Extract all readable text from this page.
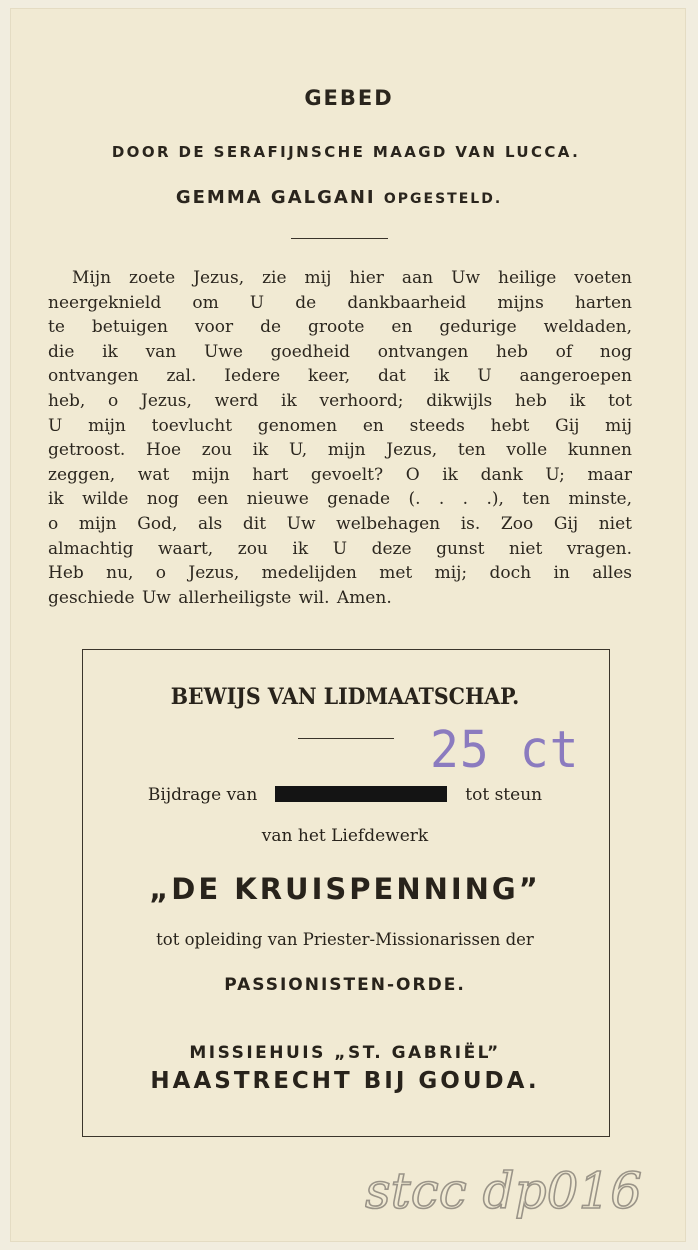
GEBED
DOOR DE SERAFIJNSCHE MAAGD VAN LUCCA.
GEMMA GALGANI OPGESTELD.
Mijn zoete Jezus, zie mij hier aan Uw heilige voeten
neergeknield om U de dankbaarheid mijns harten
te betuigen voor de groote en gedurige weldaden,
die ik van Uwe goedheid ontvangen heb of nog
ontvangen zal. Iedere keer, dat ik U aangeroepen
heb, o Jezus, werd ik verhoord; dikwijls heb ik tot
U mijn toevlucht genomen en steeds hebt Gij mij
getroost. Hoe zou ik U, mijn Jezus, ten volle kunnen
zeggen, wat mijn hart gevoelt? O ik dank U; maar
ik wilde nog een nieuwe genade (. . . .), ten minste,
o mijn God, als dit Uw welbehagen is. Zoo Gij niet
almachtig waart, zou ik U deze gunst niet vragen.
Heb nu, o Jezus, medelijden met mij; doch in alles
geschiede Uw allerheiligste wil. Amen.
BEWIJS VAN LIDMAATSCHAP.
25 ct
Bijdrage van	tot steun
van het Liefdewerk
„DE KRUISPENNING”
tot opleiding van Priester-Missionarissen der
PASSIONISTEN-ORDE.
MISSIEHUIS „ST. GABRIËL”
HAASTRECHT BIJ GOUDA.
stcc dp016
